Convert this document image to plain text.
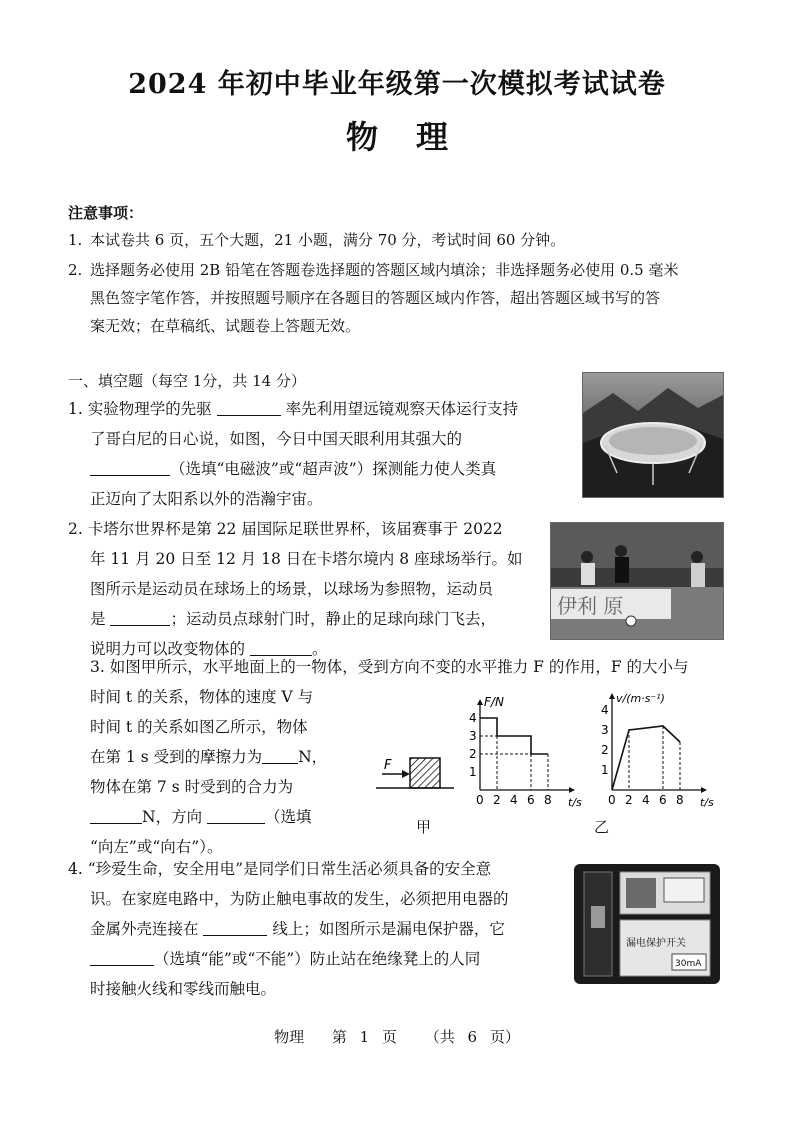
2024 年初中毕业年级第一次模拟考试试卷
物理
注意事项：
1. 本试卷共 6 页，五个大题，21 小题，满分 70 分，考试时间 60 分钟。
2. 选择题务必使用 2B 铅笔在答题卷选择题的答题区域内填涂；非选择题务必使用 0.5 毫米
黑色签字笔作答，并按照题号顺序在各题目的答题区域内作答，超出答题区域书写的答
案无效；在草稿纸、试题卷上答题无效。
一、填空题（每空 1分，共 14 分）
1. 实验物理学的先驱	率先利用望远镜观察天体运行支持
了哥白尼的日心说，如图，今日中国天眼利用其强大的
（选填“电磁波”或“超声波”）探测能力使人类真
正迈向了太阳系以外的浩瀚宇宙。
2. 卡塔尔世界杯是第 22 届国际足联世界杯，该届赛事于 2022
年 11 月 20 日至 12 月 18 日在卡塔尔境内 8 座球场举行。如
图所示是运动员在球场上的场景，以球场为参照物，运动员
是	；运动员点球射门时，静止的足球向球门飞去，
说明力可以改变物体的	。
伊利 原
3. 如图甲所示，水平地面上的一物体，受到方向不变的水平推力 F 的作用，F 的大小与
时间 t 的关系，物体的速度 V 与
时间 t 的关系如图乙所示，物体
在第 1 s 受到的摩擦力为 N，
物体在第 7 s 时受到的合力为
N，方向	（选填
“向左”或“向右”）。
F
甲
0 2 4 6 8
1
2
3
4
t/s
F/N
0 2 4 6 8
1
2
3
4
t/s
v/(m·s⁻¹)
乙
4. “珍爱生命，安全用电”是同学们日常生活必须具备的安全意
识。在家庭电路中，为防止触电事故的发生，必须把用电器的
金属外壳连接在	线上；如图所示是漏电保护器，它
（选填“能”或“不能”）防止站在绝缘凳上的人同
时接触火线和零线而触电。
漏电保护开关
30mA
物理　 第 1 页　 （共 6 页）
